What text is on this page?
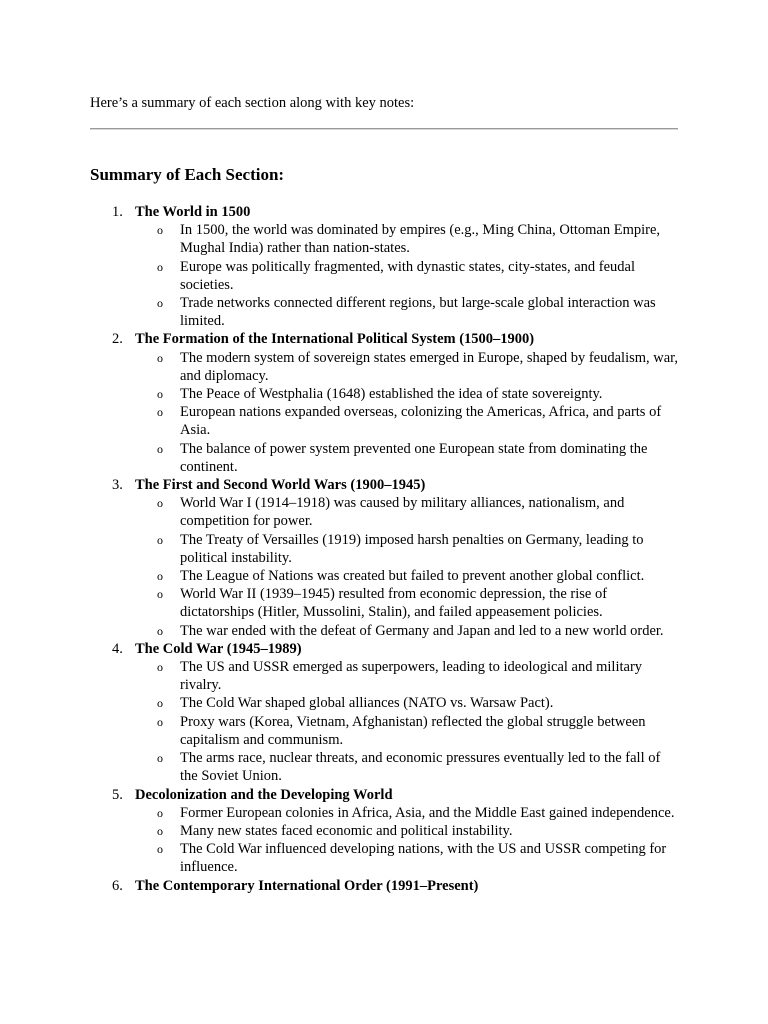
Here’s a summary of each section along with key notes:

Summary of Each Section:
1. The World in 1500
o In 1500, the world was dominated by empires (e.g., Ming China, Ottoman Empire, Mughal India) rather than nation-states.
o Europe was politically fragmented, with dynastic states, city-states, and feudal societies.
o Trade networks connected different regions, but large-scale global interaction was limited.
2. The Formation of the International Political System (1500–1900)
o The modern system of sovereign states emerged in Europe, shaped by feudalism, war, and diplomacy.
o The Peace of Westphalia (1648) established the idea of state sovereignty.
o European nations expanded overseas, colonizing the Americas, Africa, and parts of Asia.
o The balance of power system prevented one European state from dominating the continent.
3. The First and Second World Wars (1900–1945)
o World War I (1914–1918) was caused by military alliances, nationalism, and competition for power.
o The Treaty of Versailles (1919) imposed harsh penalties on Germany, leading to political instability.
o The League of Nations was created but failed to prevent another global conflict.
o World War II (1939–1945) resulted from economic depression, the rise of dictatorships (Hitler, Mussolini, Stalin), and failed appeasement policies.
o The war ended with the defeat of Germany and Japan and led to a new world order.
4. The Cold War (1945–1989)
o The US and USSR emerged as superpowers, leading to ideological and military rivalry.
o The Cold War shaped global alliances (NATO vs. Warsaw Pact).
o Proxy wars (Korea, Vietnam, Afghanistan) reflected the global struggle between capitalism and communism.
o The arms race, nuclear threats, and economic pressures eventually led to the fall of the Soviet Union.
5. Decolonization and the Developing World
o Former European colonies in Africa, Asia, and the Middle East gained independence.
o Many new states faced economic and political instability.
o The Cold War influenced developing nations, with the US and USSR competing for influence.
6. The Contemporary International Order (1991–Present)
